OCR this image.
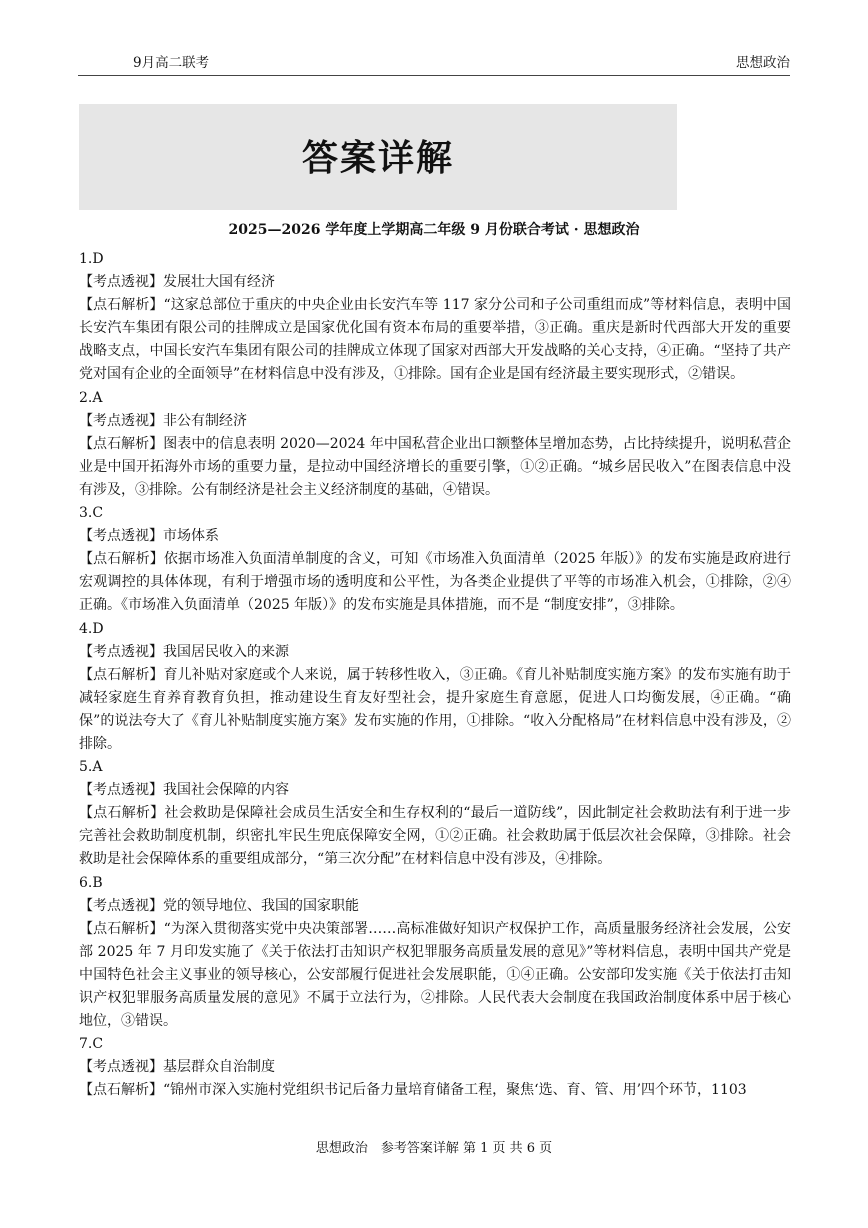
9月高二联考	思想政治
答案详解
2025—2026 学年度上学期高二年级 9 月份联合考试 · 思想政治

1.D

【考点透视】发展壮大国有经济

【点石解析】“这家总部位于重庆的中央企业由长安汽车等 117 家分公司和子公司重组而成”等材料信息，表明中国长安汽车集团有限公司的挂牌成立是国家优化国有资本布局的重要举措，③正确。重庆是新时代西部大开发的重要战略支点，中国长安汽车集团有限公司的挂牌成立体现了国家对西部大开发战略的关心支持，④正确。“坚持了共产党对国有企业的全面领导”在材料信息中没有涉及，①排除。国有企业是国有经济最主要实现形式，②错误。

2.A

【考点透视】非公有制经济

【点石解析】图表中的信息表明 2020—2024 年中国私营企业出口额整体呈增加态势，占比持续提升，说明私营企业是中国开拓海外市场的重要力量，是拉动中国经济增长的重要引擎，①②正确。“城乡居民收入”在图表信息中没有涉及，③排除。公有制经济是社会主义经济制度的基础，④错误。

3.C

【考点透视】市场体系

【点石解析】依据市场准入负面清单制度的含义，可知《市场准入负面清单（2025 年版）》的发布实施是政府进行宏观调控的具体体现，有利于增强市场的透明度和公平性，为各类企业提供了平等的市场准入机会，①排除，②④正确。《市场准入负面清单（2025 年版）》的发布实施是具体措施，而不是 “制度安排”，③排除。

4.D

【考点透视】我国居民收入的来源

【点石解析】育儿补贴对家庭或个人来说，属于转移性收入，③正确。《育儿补贴制度实施方案》的发布实施有助于减轻家庭生育养育教育负担，推动建设生育友好型社会，提升家庭生育意愿，促进人口均衡发展，④正确。“确保”的说法夸大了《育儿补贴制度实施方案》发布实施的作用，①排除。“收入分配格局”在材料信息中没有涉及，②排除。

5.A

【考点透视】我国社会保障的内容

【点石解析】社会救助是保障社会成员生活安全和生存权利的“最后一道防线”，因此制定社会救助法有利于进一步完善社会救助制度机制，织密扎牢民生兜底保障安全网，①②正确。社会救助属于低层次社会保障，③排除。社会救助是社会保障体系的重要组成部分，“第三次分配”在材料信息中没有涉及，④排除。

6.B

【考点透视】党的领导地位、我国的国家职能

【点石解析】“为深入贯彻落实党中央决策部署……高标准做好知识产权保护工作，高质量服务经济社会发展，公安部 2025 年 7 月印发实施了《关于依法打击知识产权犯罪服务高质量发展的意见》”等材料信息，表明中国共产党是中国特色社会主义事业的领导核心，公安部履行促进社会发展职能，①④正确。公安部印发实施《关于依法打击知识产权犯罪服务高质量发展的意见》不属于立法行为，②排除。人民代表大会制度在我国政治制度体系中居于核心地位，③错误。

7.C

【考点透视】基层群众自治制度

【点石解析】“锦州市深入实施村党组织书记后备力量培育储备工程，聚焦‘选、育、管、用’四个环节，1103

思想政治　参考答案详解 第 1 页 共 6 页
